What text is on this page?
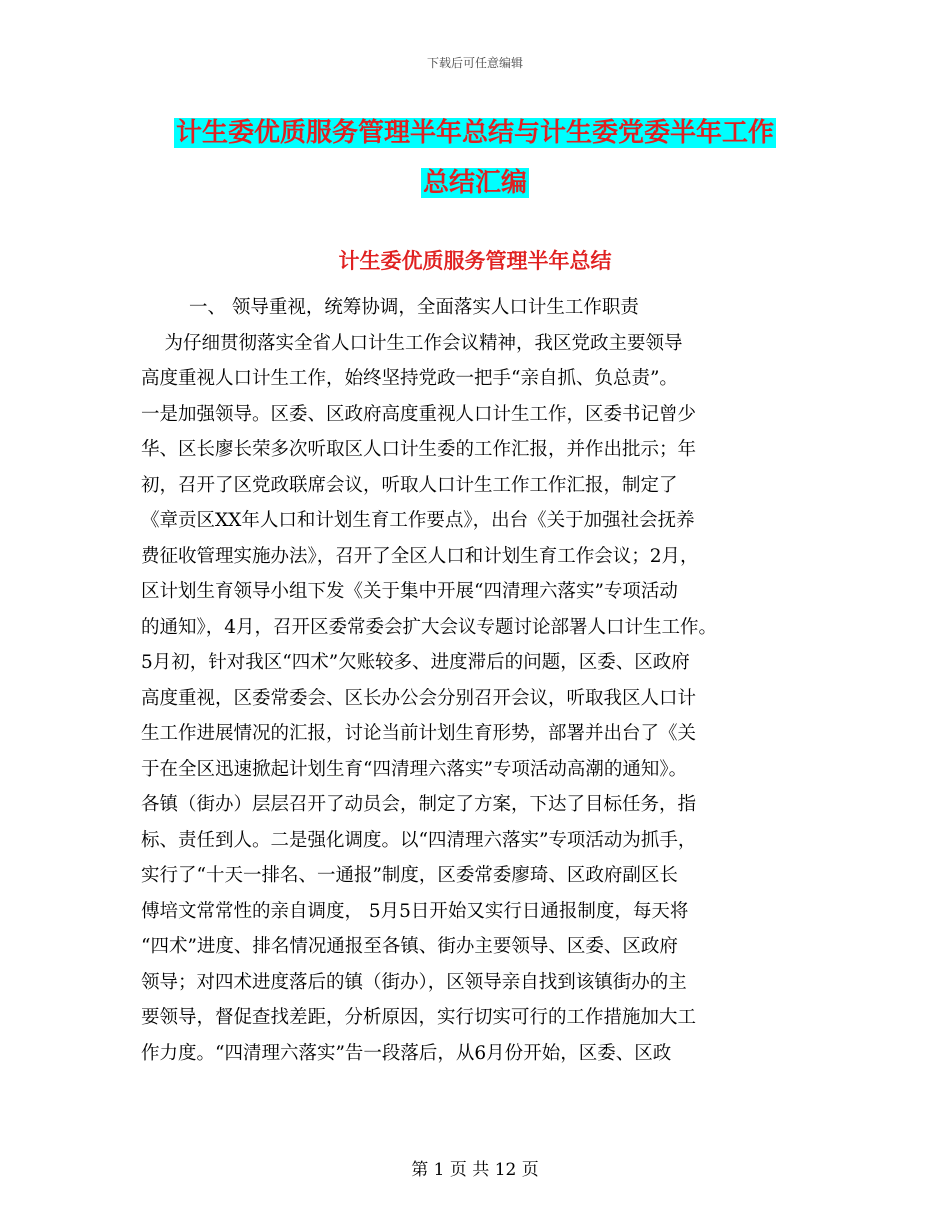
下载后可任意编辑
计生委优质服务管理半年总结与计生委党委半年工作
总结汇编
计生委优质服务管理半年总结
一、 领导重视，统筹协调，全面落实人口计生工作职责
为仔细贯彻落实全省人口计生工作会议精神，我区党政主要领导
高度重视人口计生工作，始终坚持党政一把手“亲自抓、负总责”。
一是加强领导。区委、区政府高度重视人口计生工作，区委书记曾少
华、区长廖长荣多次听取区人口计生委的工作汇报，并作出批示；年
初，召开了区党政联席会议，听取人口计生工作工作汇报，制定了
《章贡区XX年人口和计划生育工作要点》，出台《关于加强社会抚养
费征收管理实施办法》，召开了全区人口和计划生育工作会议；2月，
区计划生育领导小组下发《关于集中开展“四清理六落实”专项活动
的通知》，4月，召开区委常委会扩大会议专题讨论部署人口计生工作。
5月初，针对我区“四术”欠账较多、进度滞后的问题，区委、区政府
高度重视，区委常委会、区长办公会分别召开会议，听取我区人口计
生工作进展情况的汇报，讨论当前计划生育形势，部署并出台了《关
于在全区迅速掀起计划生育“四清理六落实”专项活动高潮的通知》。
各镇（街办）层层召开了动员会，制定了方案，下达了目标任务，指
标、责任到人。二是强化调度。以“四清理六落实”专项活动为抓手，
实行了“十天一排名、一通报”制度，区委常委廖琦、区政府副区长
傅培文常常性的亲自调度， 5月5日开始又实行日通报制度，每天将
“四术”进度、排名情况通报至各镇、街办主要领导、区委、区政府
领导；对四术进度落后的镇（街办），区领导亲自找到该镇街办的主
要领导，督促查找差距，分析原因，实行切实可行的工作措施加大工
作力度。“四清理六落实”告一段落后，从6月份开始，区委、区政
第 1 页 共 12 页
